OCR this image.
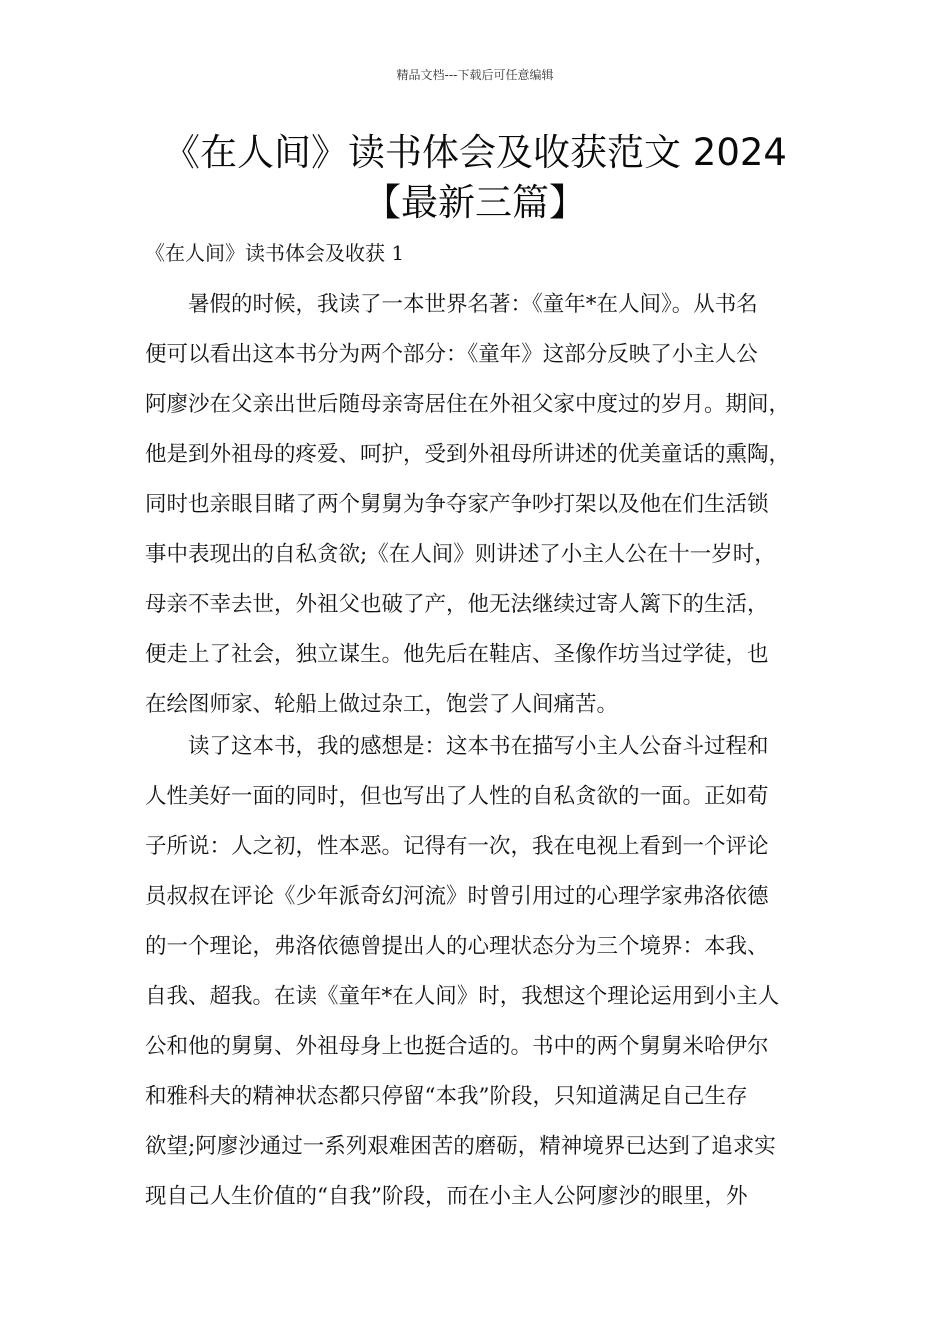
精品文档---下载后可任意编辑
《在人间》读书体会及收获范文 2024
【最新三篇】
《在人间》读书体会及收获 1
　　暑假的时候，我读了一本世界名著：《童年*在人间》。从书名
便可以看出这本书分为两个部分：《童年》这部分反映了小主人公
阿廖沙在父亲出世后随母亲寄居住在外祖父家中度过的岁月。期间，
他是到外祖母的疼爱、呵护，受到外祖母所讲述的优美童话的熏陶，
同时也亲眼目睹了两个舅舅为争夺家产争吵打架以及他在们生活锁
事中表现出的自私贪欲;《在人间》则讲述了小主人公在十一岁时，
母亲不幸去世，外祖父也破了产，他无法继续过寄人篱下的生活，
便走上了社会，独立谋生。他先后在鞋店、圣像作坊当过学徒，也
在绘图师家、轮船上做过杂工，饱尝了人间痛苦。
　　读了这本书，我的感想是：这本书在描写小主人公奋斗过程和
人性美好一面的同时，但也写出了人性的自私贪欲的一面。正如荀
子所说：人之初，性本恶。记得有一次，我在电视上看到一个评论
员叔叔在评论《少年派奇幻河流》时曾引用过的心理学家弗洛依德
的一个理论，弗洛依德曾提出人的心理状态分为三个境界：本我、
自我、超我。在读《童年*在人间》时，我想这个理论运用到小主人
公和他的舅舅、外祖母身上也挺合适的。书中的两个舅舅米哈伊尔
和雅科夫的精神状态都只停留“本我”阶段，只知道满足自己生存
欲望;阿廖沙通过一系列艰难困苦的磨砺，精神境界已达到了追求实
现自己人生价值的“自我”阶段，而在小主人公阿廖沙的眼里，外
